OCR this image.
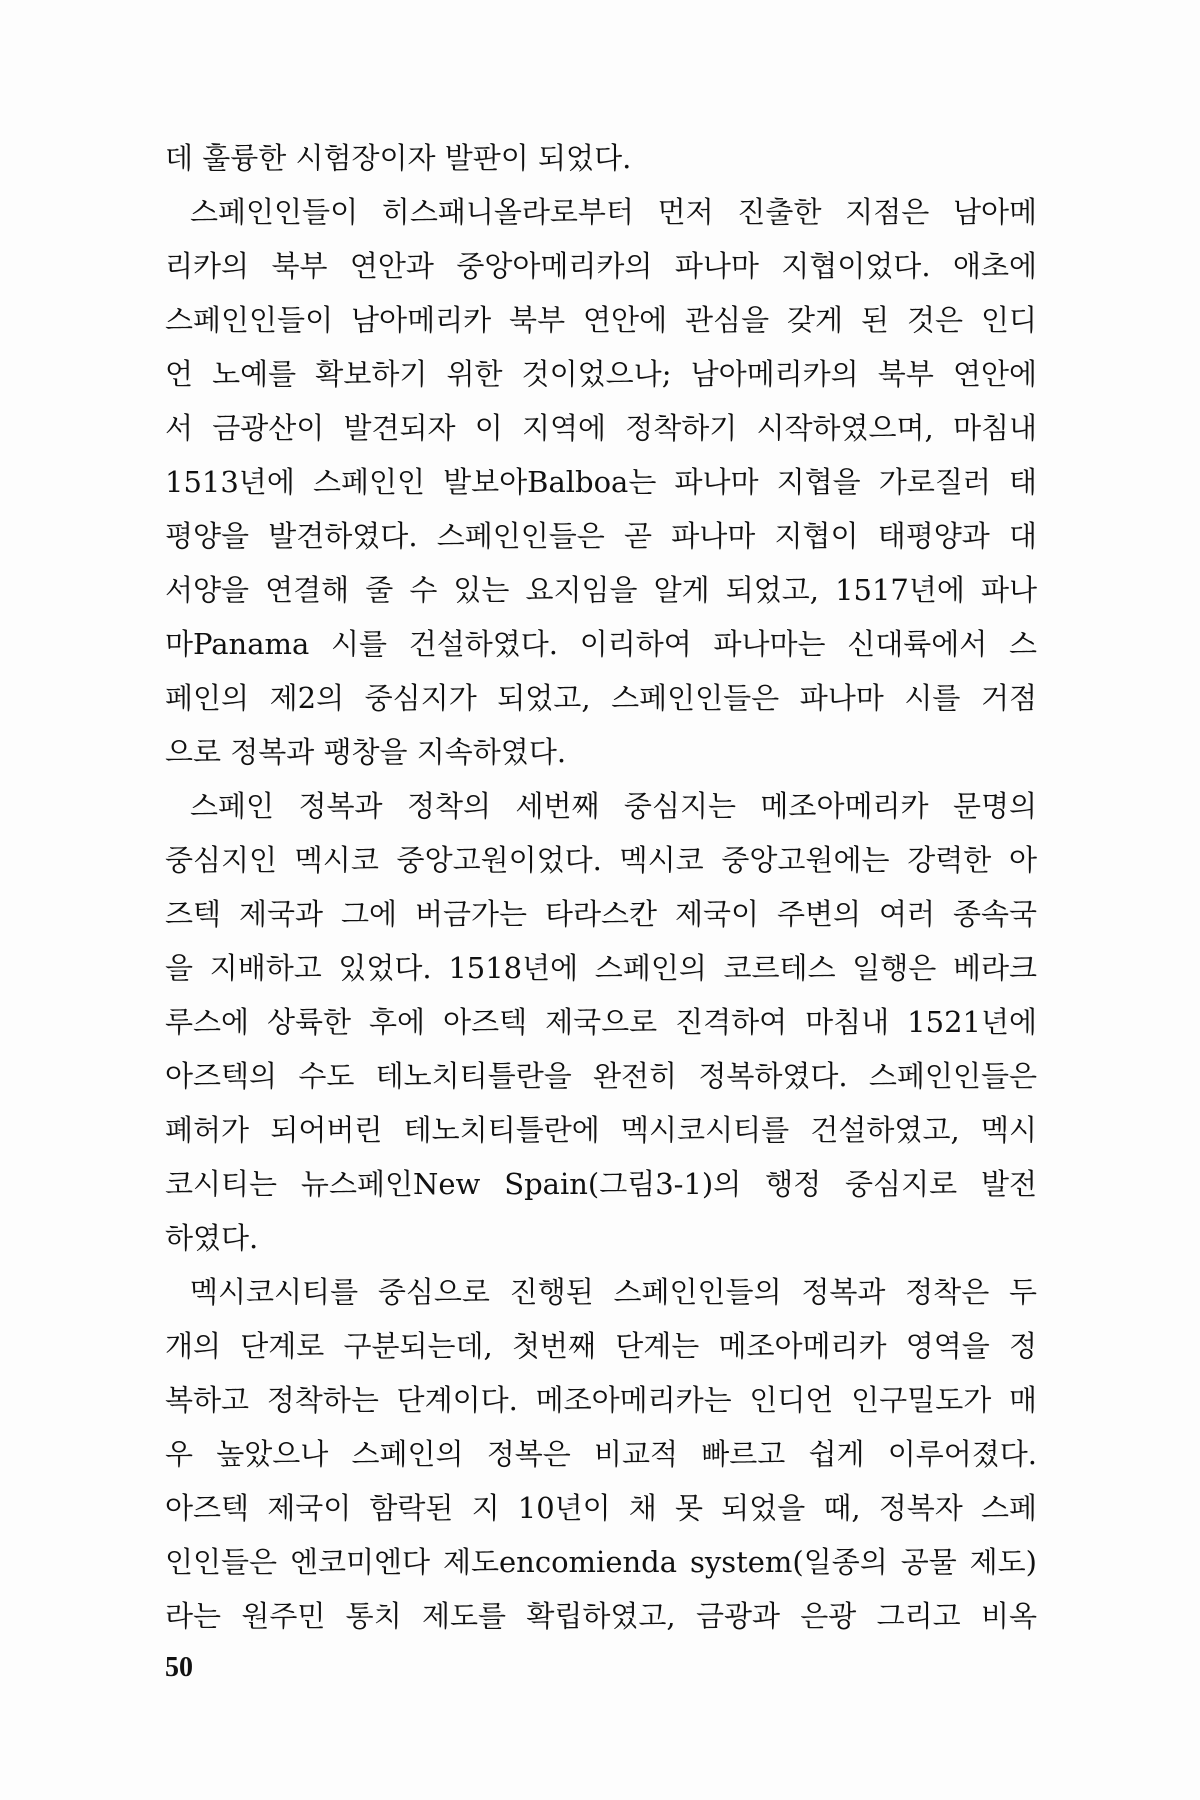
데 훌륭한 시험장이자 발판이 되었다.
스페인인들이 히스패니올라로부터 먼저 진출한 지점은 남아메
리카의 북부 연안과 중앙아메리카의 파나마 지협이었다. 애초에
스페인인들이 남아메리카 북부 연안에 관심을 갖게 된 것은 인디
언 노예를 확보하기 위한 것이었으나; 남아메리카의 북부 연안에
서 금광산이 발견되자 이 지역에 정착하기 시작하였으며, 마침내
1513년에 스페인인 발보아Balboa는 파나마 지협을 가로질러 태
평양을 발견하였다. 스페인인들은 곧 파나마 지협이 태평양과 대
서양을 연결해 줄 수 있는 요지임을 알게 되었고, 1517년에 파나
마Panama 시를 건설하였다. 이리하여 파나마는 신대륙에서 스
페인의 제2의 중심지가 되었고, 스페인인들은 파나마 시를 거점
으로 정복과 팽창을 지속하였다.
스페인 정복과 정착의 세번째 중심지는 메조아메리카 문명의
중심지인 멕시코 중앙고원이었다. 멕시코 중앙고원에는 강력한 아
즈텍 제국과 그에 버금가는 타라스칸 제국이 주변의 여러 종속국
을 지배하고 있었다. 1518년에 스페인의 코르테스 일행은 베라크
루스에 상륙한 후에 아즈텍 제국으로 진격하여 마침내 1521년에
아즈텍의 수도 테노치티틀란을 완전히 정복하였다. 스페인인들은
폐허가 되어버린 테노치티틀란에 멕시코시티를 건설하였고, 멕시
코시티는 뉴스페인New Spain(그림3-1)의 행정 중심지로 발전
하였다.
멕시코시티를 중심으로 진행된 스페인인들의 정복과 정착은 두
개의 단계로 구분되는데, 첫번째 단계는 메조아메리카 영역을 정
복하고 정착하는 단계이다. 메조아메리카는 인디언 인구밀도가 매
우 높았으나 스페인의 정복은 비교적 빠르고 쉽게 이루어졌다.
아즈텍 제국이 함락된 지 10년이 채 못 되었을 때, 정복자 스페
인인들은 엔코미엔다 제도encomienda system(일종의 공물 제도)
라는 원주민 통치 제도를 확립하였고, 금광과 은광 그리고 비옥
50
